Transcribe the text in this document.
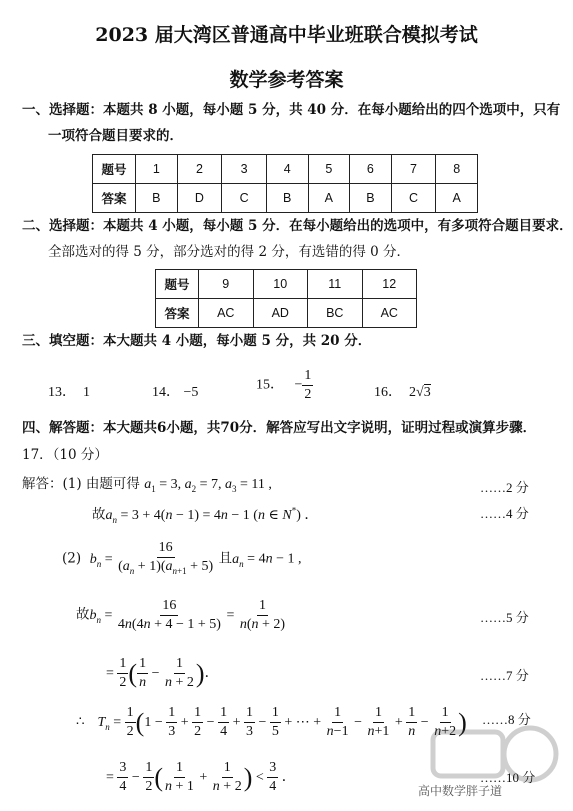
2023 届大湾区普通高中毕业班联合模拟考试
数学参考答案
一、选择题：本题共 8 小题，每小题 5 分，共 40 分．在每小题给出的四个选项中，只有
一项符合题目要求的．
题号	1	2	3	4	5	6	7	8
答案	B	D	C	B	A	B	C	A
二、选择题：本题共 4 小题，每小题 5 分．在每小题给出的选项中，有多项符合题目要求．
全部选对的得 5 分，部分选对的得 2 分，有选错的得 0 分．
题号	9	10	11	12
答案	AC	AD	BC	AC
三、填空题：本大题共 4 小题，每小题 5 分，共 20 分．
13． 1	14． −5	15． − $\frac{1}{2}$	16． 2√3
四、解答题：本大题共6小题，共70分．解答应写出文字说明，证明过程或演算步骤．
17．（10 分）
解答：(1) 由题可得 $a_1 = 3$, $a_2 = 7$, $a_3 = 11$ ,	……2 分
故$a_n = 3 + 4(n - 1) = 4n - 1$ (n ∈ N*) ．	……4 分
(2) $b_n = \frac{16}{(a_n + 1)(a_{n+1} + 5)}$ 且$a_n = 4n - 1$ ,
故$b_n = \frac{16}{4n(4n + 4 - 1 + 5)} = \frac{1}{n(n + 2)}$	……5 分
= $\frac{1}{2}$ ( $\frac{1}{n} - \frac{1}{n + 2}$ )．	……7 分
∴ $T_n = \frac{1}{2} (1 - \frac{1}{3} + \frac{1}{2} - \frac{1}{4} + \frac{1}{3} - \frac{1}{5}$ + ⋯ + $\frac{1}{n-1} - \frac{1}{n+1} + \frac{1}{n} - \frac{1}{n+2}$ ) ……8 分
= $\frac{3}{4} - \frac{1}{2}$ ( $\frac{1}{n + 1} + \frac{1}{n + 2}$ ) < $\frac{3}{4}$ ．	……10 分
高中数学胖子道
